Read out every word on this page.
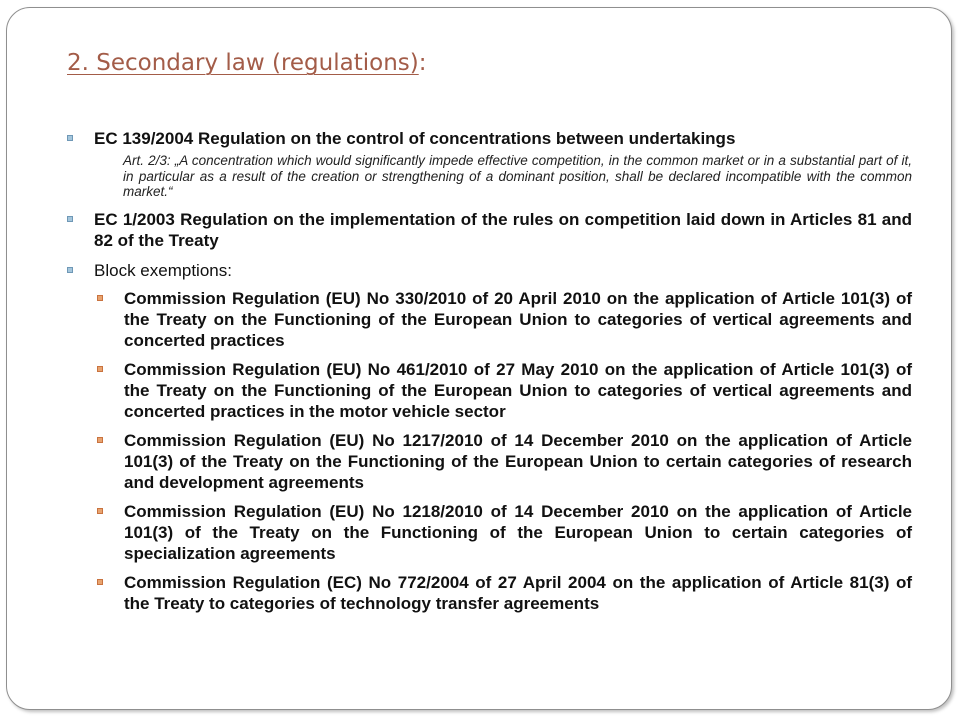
2. Secondary law (regulations):
EC 139/2004 Regulation on the control of concentrations between undertakings
Art. 2/3: „A concentration which would significantly impede effective competition, in the common market or in a substantial part of it, in particular as a result of the creation or strengthening of a dominant position, shall be declared incompatible with the common market.“
EC 1/2003 Regulation on the implementation of the rules on competition laid down in Articles 81 and 82 of the Treaty
Block exemptions:
Commission Regulation (EU) No 330/2010 of 20 April 2010 on the application of Article 101(3) of the Treaty on the Functioning of the European Union to categories of vertical agreements and concerted practices
Commission Regulation (EU) No 461/2010 of 27 May 2010 on the application of Article 101(3) of the Treaty on the Functioning of the European Union to categories of vertical agreements and concerted practices in the motor vehicle sector
Commission Regulation (EU) No 1217/2010 of 14 December 2010 on the application of Article 101(3) of the Treaty on the Functioning of the European Union to certain categories of research and development agreements
Commission Regulation (EU) No 1218/2010 of 14 December 2010 on the application of Article 101(3) of the Treaty on the Functioning of the European Union to certain categories of specialization agreements
Commission Regulation (EC) No 772/2004 of 27 April 2004 on the application of Article 81(3) of the Treaty to categories of technology transfer agreements
